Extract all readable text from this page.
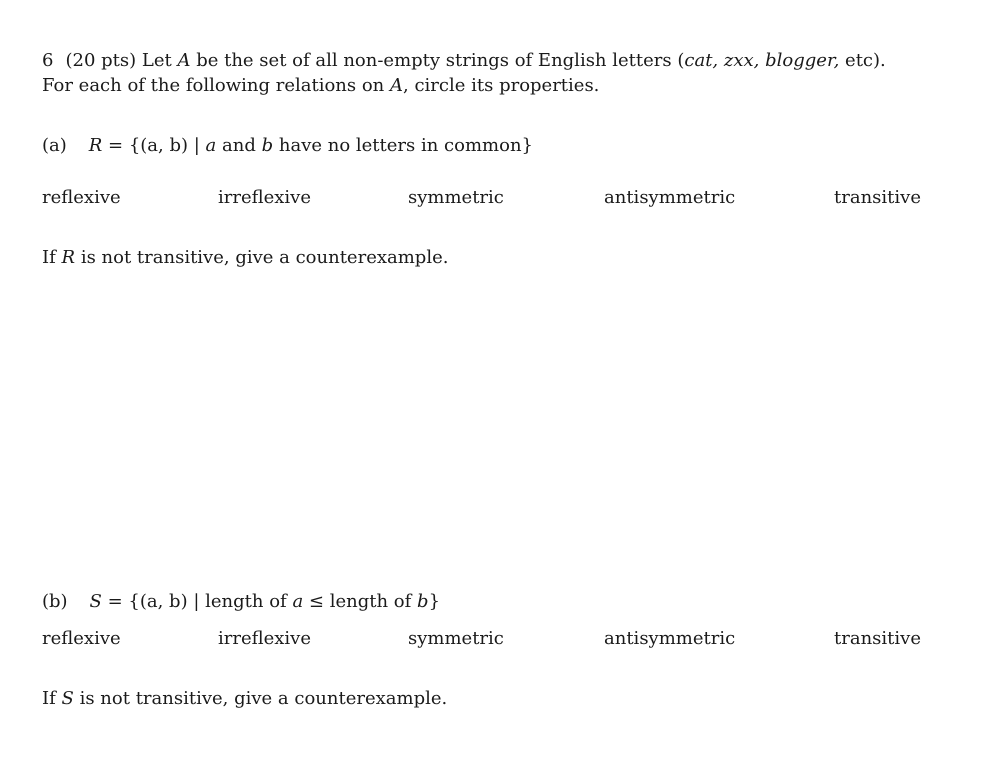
6 (20 pts) Let A be the set of all non-empty strings of English letters (cat, zxx, blogger, etc).
For each of the following relations on A, circle its properties.
(a) R = {(a, b) | a and b have no letters in common}
reflexive	irreflexive	symmetric	antisymmetric	transitive
If R is not transitive, give a counterexample.
(b) S = {(a, b) | length of a ≤ length of b}
reflexive	irreflexive	symmetric	antisymmetric	transitive
If S is not transitive, give a counterexample.
